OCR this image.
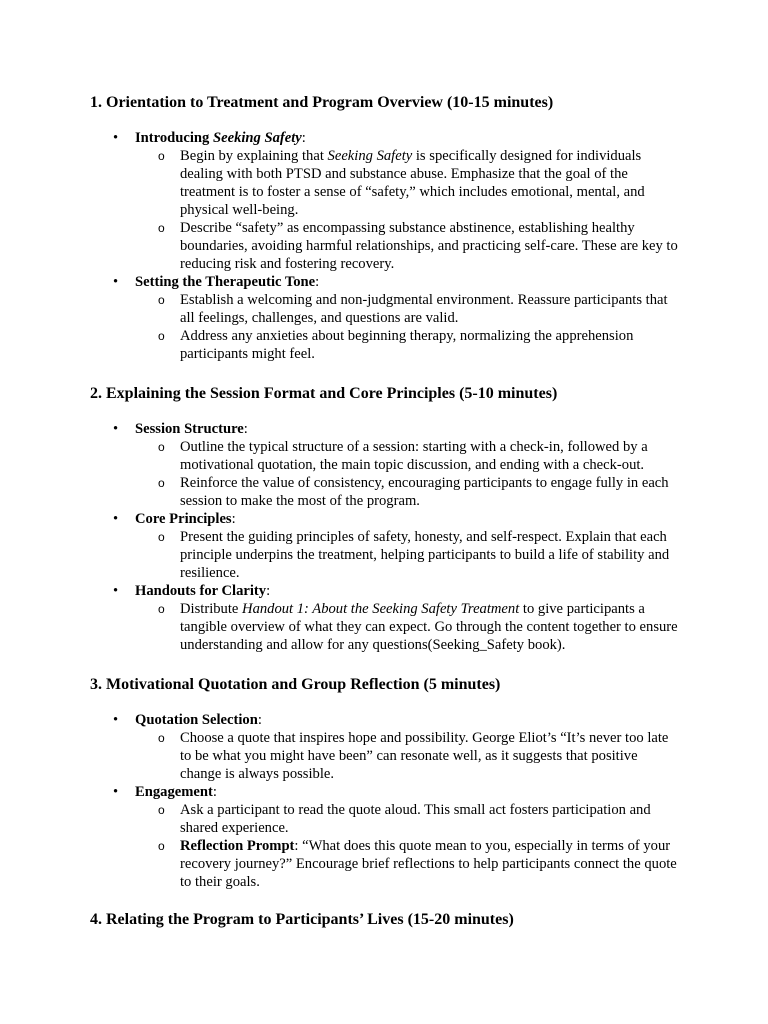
1. Orientation to Treatment and Program Overview (10-15 minutes)
• Introducing Seeking Safety:
o Begin by explaining that Seeking Safety is specifically designed for individuals dealing with both PTSD and substance abuse. Emphasize that the goal of the treatment is to foster a sense of “safety,” which includes emotional, mental, and physical well-being.
o Describe “safety” as encompassing substance abstinence, establishing healthy boundaries, avoiding harmful relationships, and practicing self-care. These are key to reducing risk and fostering recovery.
• Setting the Therapeutic Tone:
o Establish a welcoming and non-judgmental environment. Reassure participants that all feelings, challenges, and questions are valid.
o Address any anxieties about beginning therapy, normalizing the apprehension participants might feel.
2. Explaining the Session Format and Core Principles (5-10 minutes)
• Session Structure:
o Outline the typical structure of a session: starting with a check-in, followed by a motivational quotation, the main topic discussion, and ending with a check-out.
o Reinforce the value of consistency, encouraging participants to engage fully in each session to make the most of the program.
• Core Principles:
o Present the guiding principles of safety, honesty, and self-respect. Explain that each principle underpins the treatment, helping participants to build a life of stability and resilience.
• Handouts for Clarity:
o Distribute Handout 1: About the Seeking Safety Treatment to give participants a tangible overview of what they can expect. Go through the content together to ensure understanding and allow for any questions(Seeking_Safety book).
3. Motivational Quotation and Group Reflection (5 minutes)
• Quotation Selection:
o Choose a quote that inspires hope and possibility. George Eliot’s “It’s never too late to be what you might have been” can resonate well, as it suggests that positive change is always possible.
• Engagement:
o Ask a participant to read the quote aloud. This small act fosters participation and shared experience.
o Reflection Prompt: “What does this quote mean to you, especially in terms of your recovery journey?” Encourage brief reflections to help participants connect the quote to their goals.
4. Relating the Program to Participants’ Lives (15-20 minutes)
